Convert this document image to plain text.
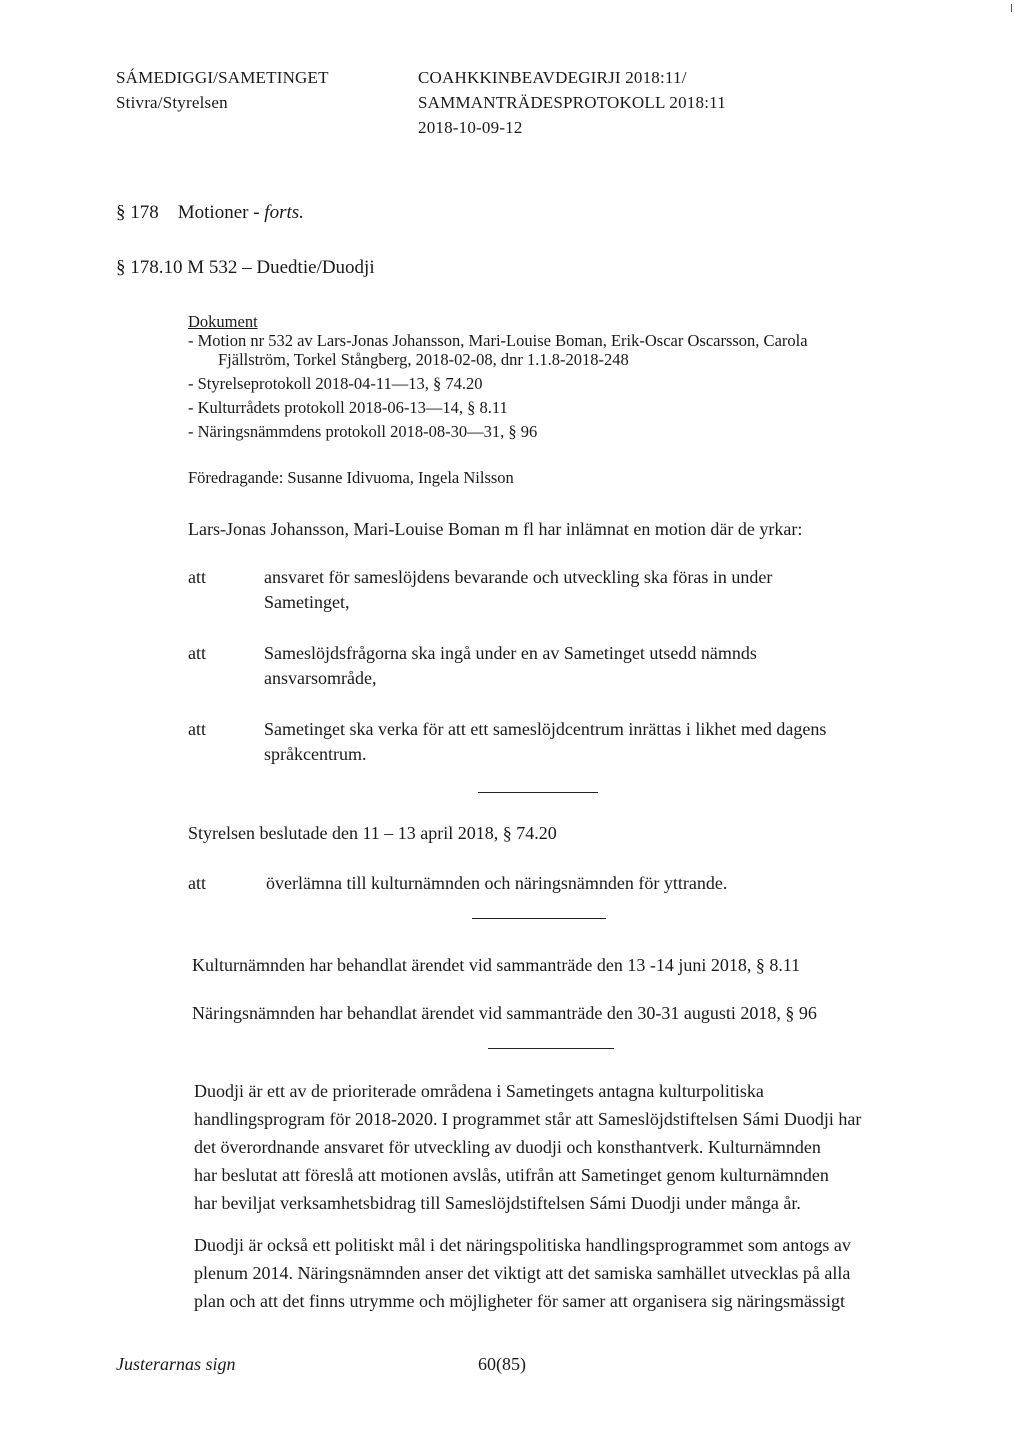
SÁMEDIGGI/SAMETINGET
Stivra/Styrelsen
COAHKKINBEAVDEGIRJI 2018:11/
SAMMANTRÄDESPROTOKOLL 2018:11
2018-10-09-12
§ 178 Motioner - forts.
§ 178.10 M 532 – Duedtie/Duodji
Dokument
- Motion nr 532 av Lars-Jonas Johansson, Mari-Louise Boman, Erik-Oscar Oscarsson, Carola
Fjällström, Torkel Stångberg, 2018-02-08, dnr 1.1.8-2018-248
- Styrelseprotokoll 2018-04-11—13, § 74.20
- Kulturrådets protokoll 2018-06-13—14, § 8.11
- Näringsnämmdens protokoll 2018-08-30—31, § 96
Föredragande: Susanne Idivuoma, Ingela Nilsson
Lars-Jonas Johansson, Mari-Louise Boman m fl har inlämnat en motion där de yrkar:
att	ansvaret för sameslöjdens bevarande och utveckling ska föras in under
Sametinget,
att	Sameslöjdsfrågorna ska ingå under en av Sametinget utsedd nämnds
ansvarsområde,
att	Sametinget ska verka för att ett sameslöjdcentrum inrättas i likhet med dagens
språkcentrum.
Styrelsen beslutade den 11 – 13 april 2018, § 74.20
att	överlämna till kulturnämnden och näringsnämnden för yttrande.
Kulturnämnden har behandlat ärendet vid sammanträde den 13 -14 juni 2018, § 8.11
Näringsnämnden har behandlat ärendet vid sammanträde den 30-31 augusti 2018, § 96
Duodji är ett av de prioriterade områdena i Sametingets antagna kulturpolitiska
handlingsprogram för 2018-2020. I programmet står att Sameslöjdstiftelsen Sámi Duodji har
det överordnande ansvaret för utveckling av duodji och konsthantverk. Kulturnämnden
har beslutat att föreslå att motionen avslås, utifrån att Sametinget genom kulturnämnden
har beviljat verksamhetsbidrag till Sameslöjdstiftelsen Sámi Duodji under många år.
Duodji är också ett politiskt mål i det näringspolitiska handlingsprogrammet som antogs av
plenum 2014. Näringsnämnden anser det viktigt att det samiska samhället utvecklas på alla
plan och att det finns utrymme och möjligheter för samer att organisera sig näringsmässigt
Justerarnas sign	60(85)
